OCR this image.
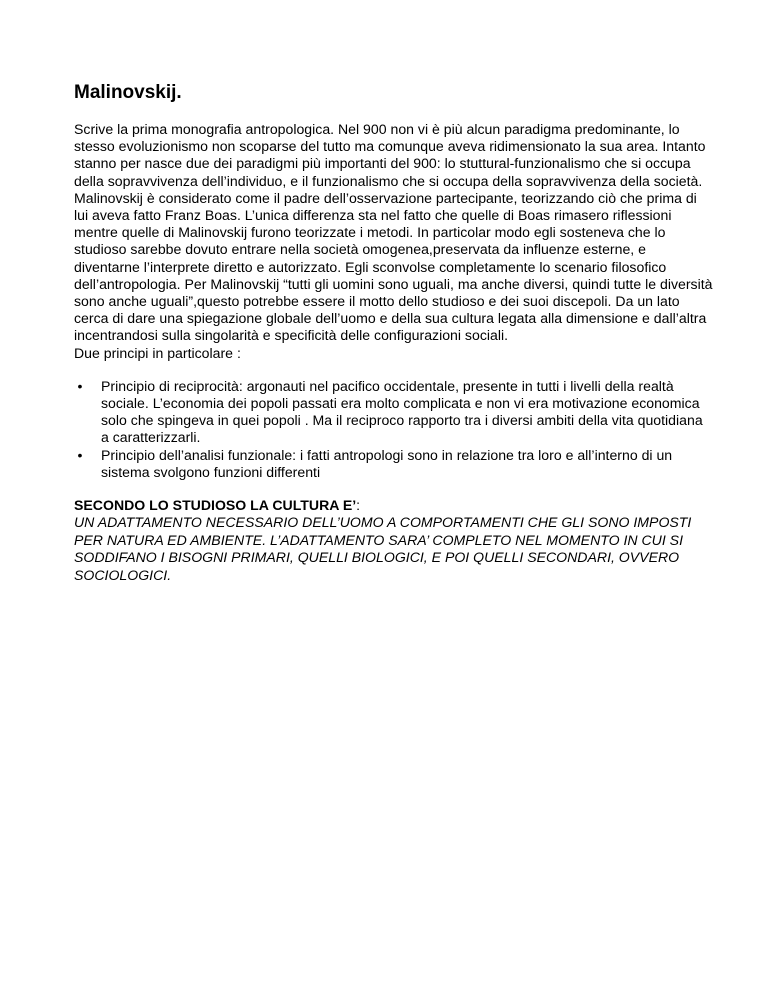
Malinovskij.

Scrive la prima monografia antropologica. Nel 900 non vi è più alcun paradigma predominante, lo stesso evoluzionismo non scoparse del tutto ma comunque aveva ridimensionato la sua area. Intanto stanno per nasce due dei paradigmi più importanti del 900: lo stuttural-funzionalismo che si occupa della sopravvivenza dell’individuo, e il funzionalismo che si occupa della sopravvivenza della società. Malinovskij è considerato come il padre dell’osservazione partecipante, teorizzando ciò che prima di lui aveva fatto Franz Boas. L’unica differenza sta nel fatto che quelle di Boas rimasero riflessioni mentre quelle di Malinovskij furono teorizzate i metodi. In particolar modo egli sosteneva che lo studioso sarebbe dovuto entrare nella società omogenea,preservata da influenze esterne, e diventarne l’interprete diretto e autorizzato. Egli sconvolse completamente lo scenario filosofico dell’antropologia. Per Malinovskij “tutti gli uomini sono uguali, ma anche diversi, quindi tutte le diversità sono anche uguali”,questo potrebbe essere il motto dello studioso e dei suoi discepoli. Da un lato cerca di dare una spiegazione globale dell’uomo e della sua cultura legata alla dimensione e dall’altra incentrandosi sulla singolarità e specificità delle configurazioni sociali.

Due principi in particolare :

• Principio di reciprocità: argonauti nel pacifico occidentale, presente in tutti i livelli della realtà sociale. L’economia dei popoli passati era molto complicata e non vi era motivazione economica solo che spingeva in quei popoli . Ma il reciproco rapporto tra i diversi ambiti della vita quotidiana a caratterizzarli.
• Principio dell’analisi funzionale: i fatti antropologi sono in relazione tra loro e all’interno di un sistema svolgono funzioni differenti
SECONDO LO STUDIOSO LA CULTURA E’:

UN ADATTAMENTO NECESSARIO DELL’UOMO A COMPORTAMENTI CHE GLI SONO IMPOSTI PER NATURA ED AMBIENTE. L’ADATTAMENTO SARA’ COMPLETO NEL MOMENTO IN CUI SI SODDIFANO I BISOGNI PRIMARI, QUELLI BIOLOGICI, E POI QUELLI SECONDARI, OVVERO SOCIOLOGICI.
